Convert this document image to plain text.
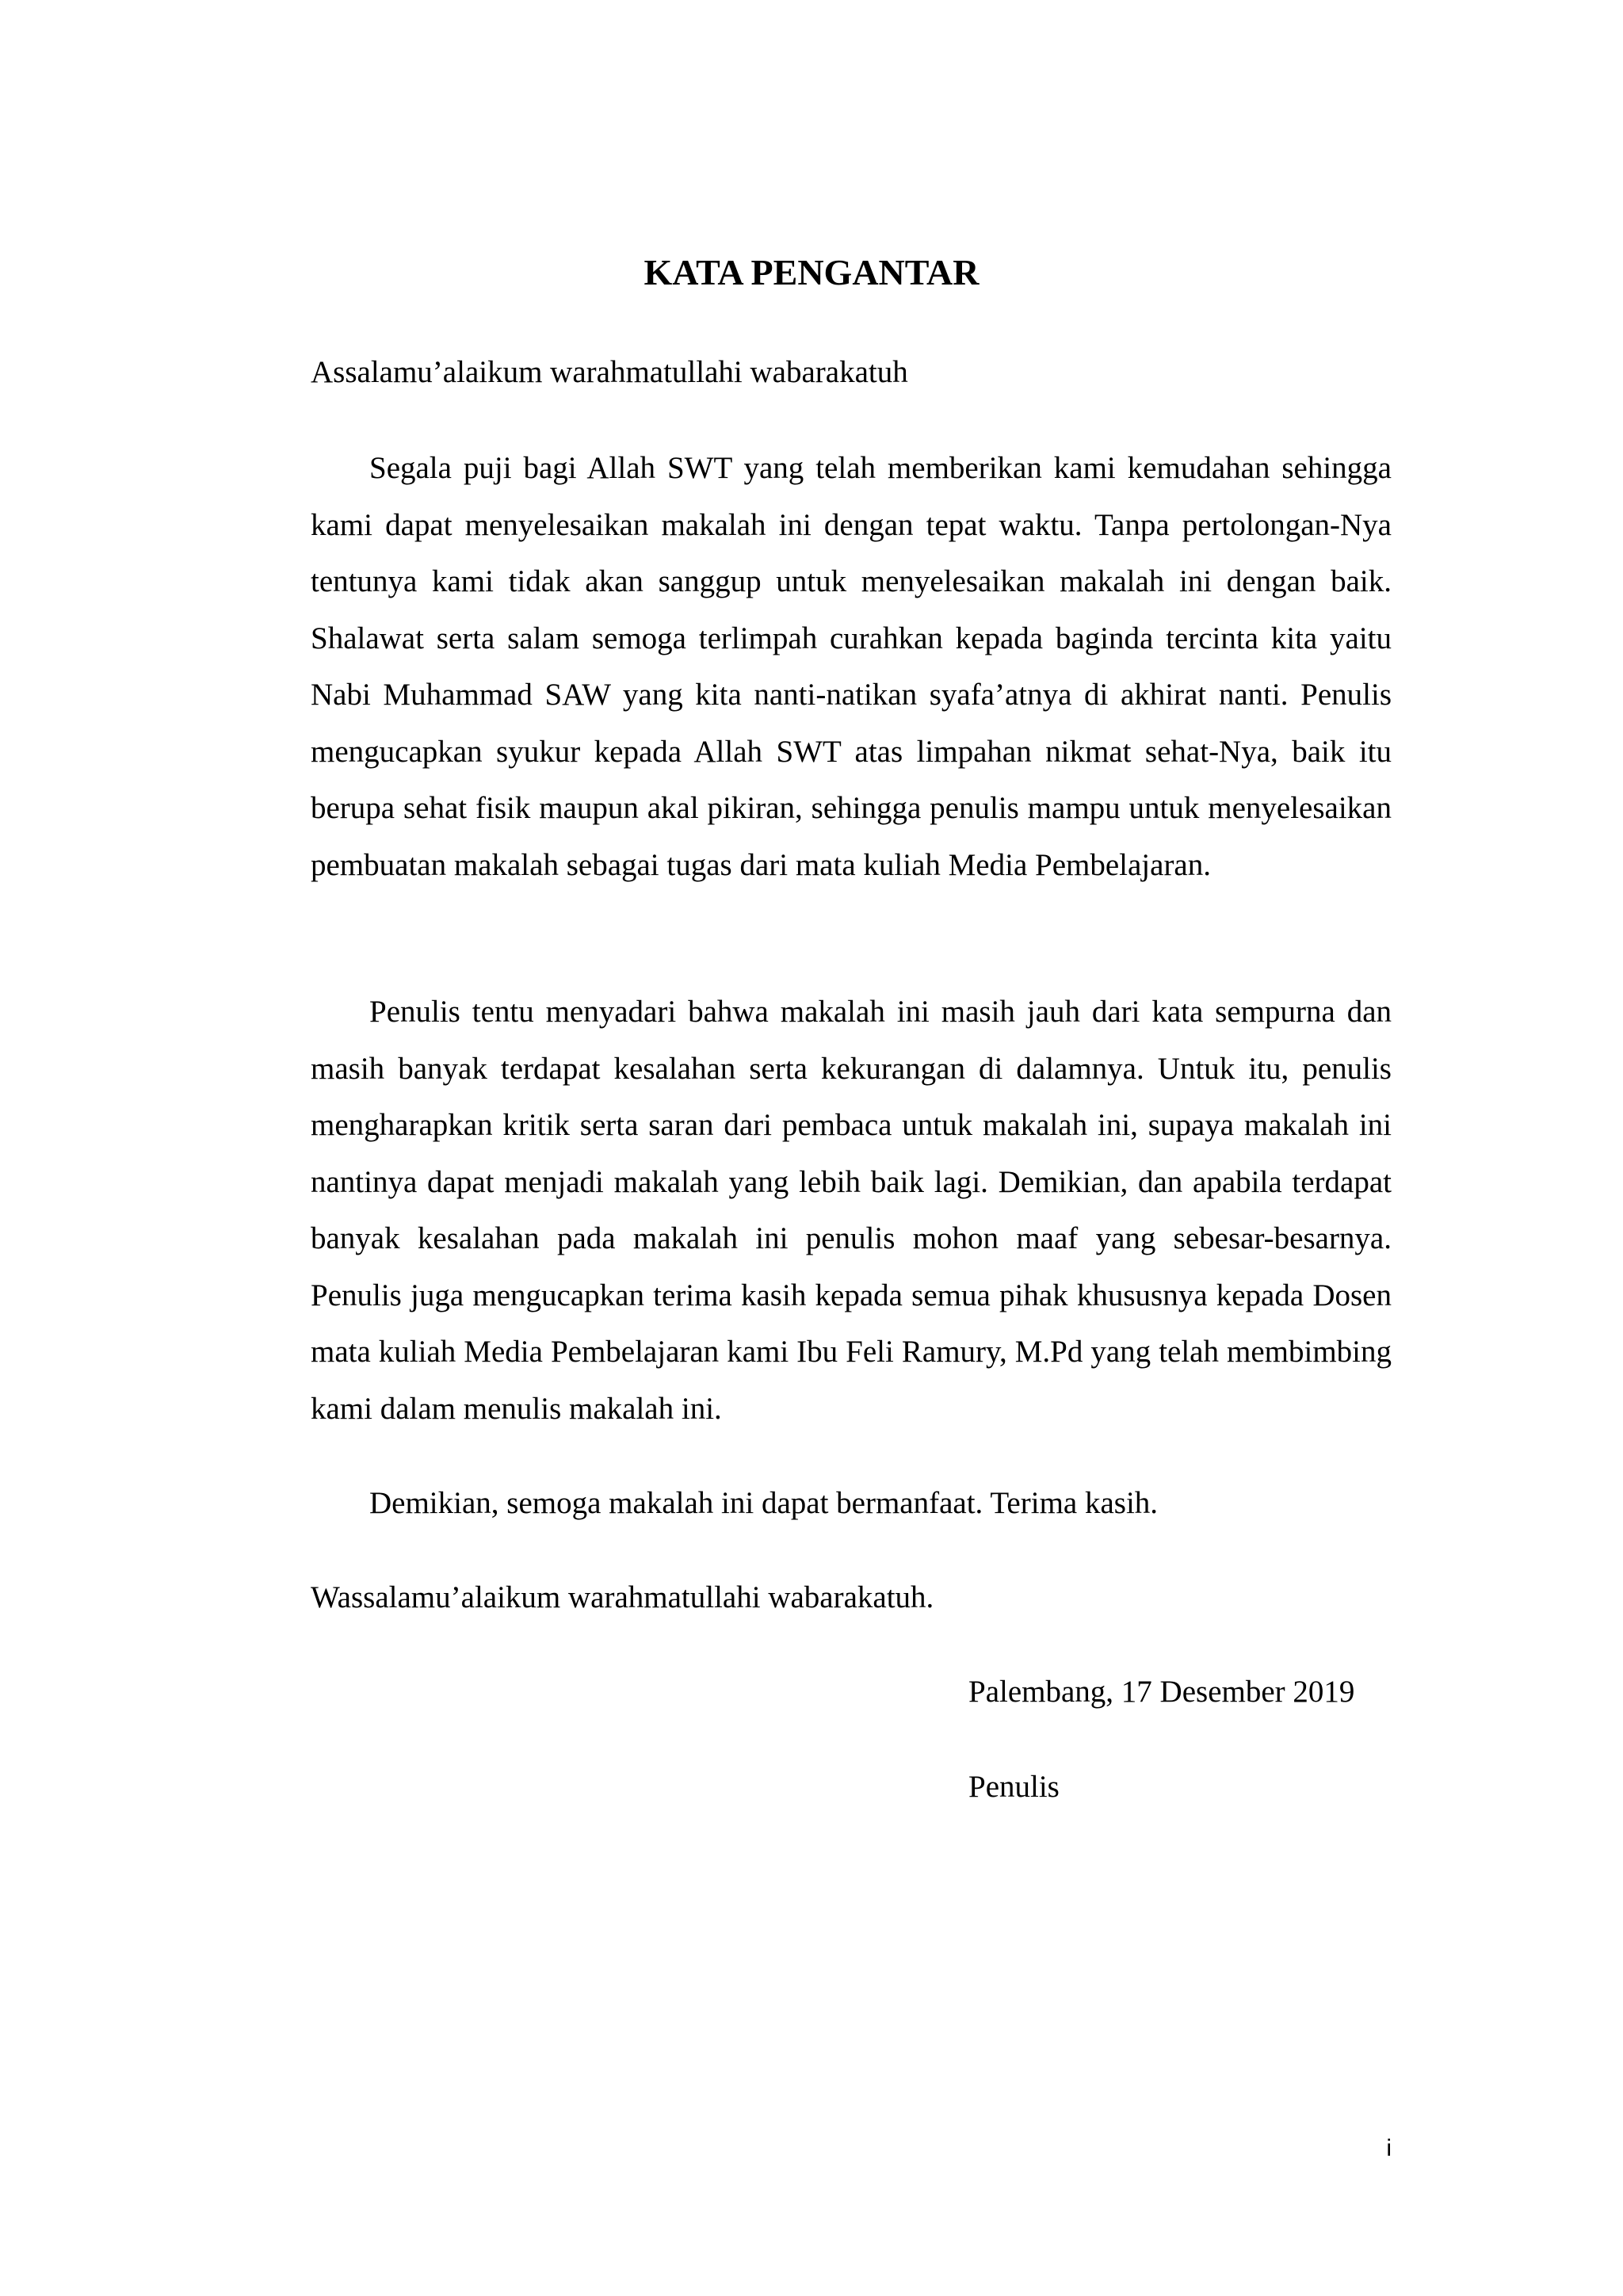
KATA PENGANTAR

Assalamu’alaikum warahmatullahi wabarakatuh

Segala puji bagi Allah SWT yang telah memberikan kami kemudahan sehingga kami dapat menyelesaikan makalah ini dengan tepat waktu. Tanpa pertolongan-Nya tentunya kami tidak akan sanggup untuk menyelesaikan makalah ini dengan baik. Shalawat serta salam semoga terlimpah curahkan kepada baginda tercinta kita yaitu Nabi Muhammad SAW yang kita nanti-natikan syafa’atnya di akhirat nanti. Penulis mengucapkan syukur kepada Allah SWT atas limpahan nikmat sehat-Nya, baik itu berupa sehat fisik maupun akal pikiran, sehingga penulis mampu untuk menyelesaikan pembuatan makalah sebagai tugas dari mata kuliah Media Pembelajaran.

Penulis tentu menyadari bahwa makalah ini masih jauh dari kata sempurna dan masih banyak terdapat kesalahan serta kekurangan di dalamnya. Untuk itu, penulis mengharapkan kritik serta saran dari pembaca untuk makalah ini, supaya makalah ini nantinya dapat menjadi makalah yang lebih baik lagi. Demikian, dan apabila terdapat banyak kesalahan pada makalah ini penulis mohon maaf yang sebesar-besarnya. Penulis juga mengucapkan terima kasih kepada semua pihak khususnya kepada Dosen mata kuliah Media Pembelajaran kami Ibu Feli Ramury, M.Pd yang telah membimbing kami dalam menulis makalah ini.

Demikian, semoga makalah ini dapat bermanfaat. Terima kasih.

Wassalamu’alaikum warahmatullahi wabarakatuh.

Palembang, 17 Desember 2019

Penulis

i
